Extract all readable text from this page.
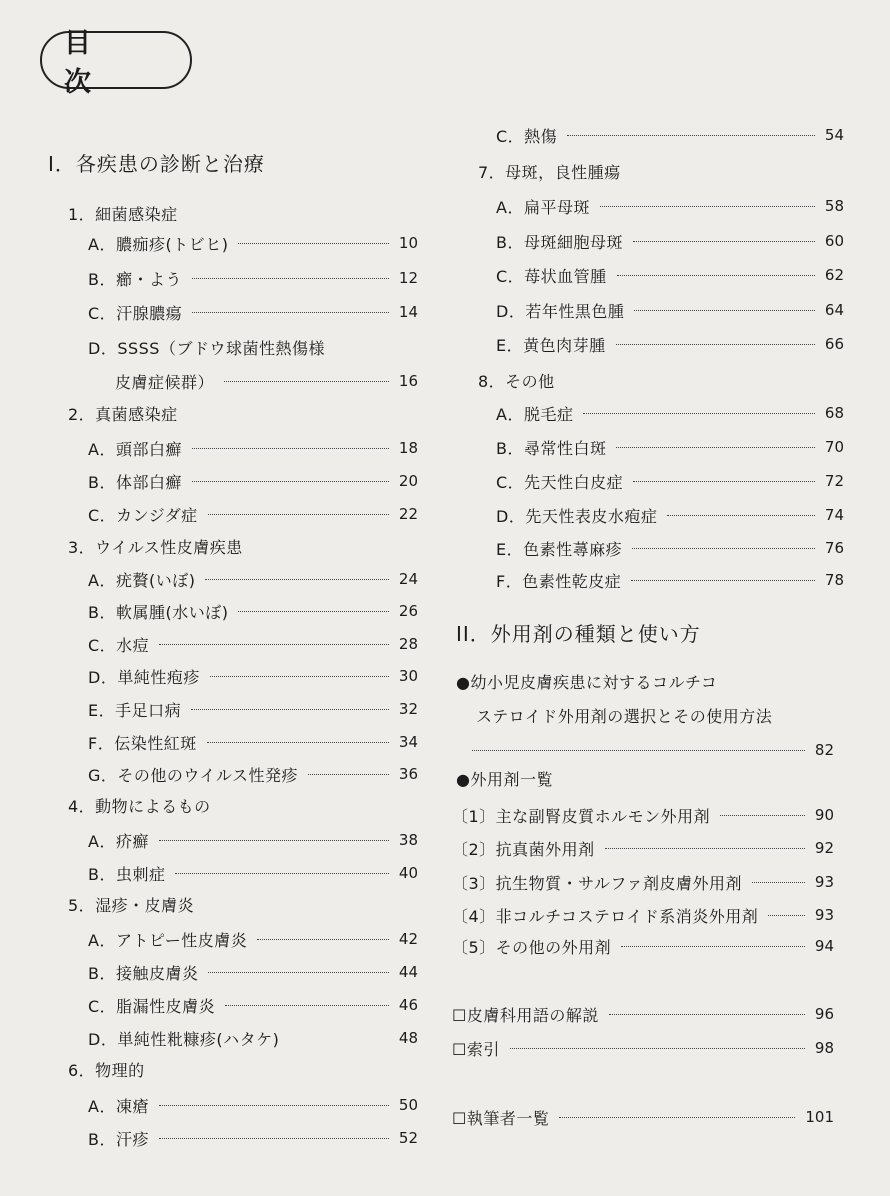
目　次
I．各疾患の診断と治療
1．細菌感染症
A．膿痂疹(トビヒ)	10
B．癤・よう	12
C．汗腺膿瘍	14
D．SSSS（ブドウ球菌性熱傷様
皮膚症候群）	16
2．真菌感染症
A．頭部白癬	18
B．体部白癬	20
C．カンジダ症	22
3．ウイルス性皮膚疾患
A．疣贅(いぼ)	24
B．軟属腫(水いぼ)	26
C．水痘	28
D．単純性疱疹	30
E．手足口病	32
F．伝染性紅斑	34
G．その他のウイルス性発疹	36
4．動物によるもの
A．疥癬	38
B．虫刺症	40
5．湿疹・皮膚炎
A．アトピー性皮膚炎	42
B．接触皮膚炎	44
C．脂漏性皮膚炎	46
D．単純性粃糠疹(ハタケ)	48
6．物理的
A．凍瘡	50
B．汗疹	52
C．熱傷	54
7．母斑，良性腫瘍
A．扁平母斑	58
B．母斑細胞母斑	60
C．苺状血管腫	62
D．若年性黒色腫	64
E．黄色肉芽腫	66
8．その他
A．脱毛症	68
B．尋常性白斑	70
C．先天性白皮症	72
D．先天性表皮水疱症	74
E．色素性蕁麻疹	76
F．色素性乾皮症	78
II．外用剤の種類と使い方
●幼小児皮膚疾患に対するコルチコ
ステロイド外用剤の選択とその使用方法
82
●外用剤一覧
〔1〕主な副腎皮質ホルモン外用剤	90
〔2〕抗真菌外用剤	92
〔3〕抗生物質・サルファ剤皮膚外用剤	93
〔4〕非コルチコステロイド系消炎外用剤	93
〔5〕その他の外用剤	94
☐皮膚科用語の解説	96
☐索引	98
☐執筆者一覧	101
